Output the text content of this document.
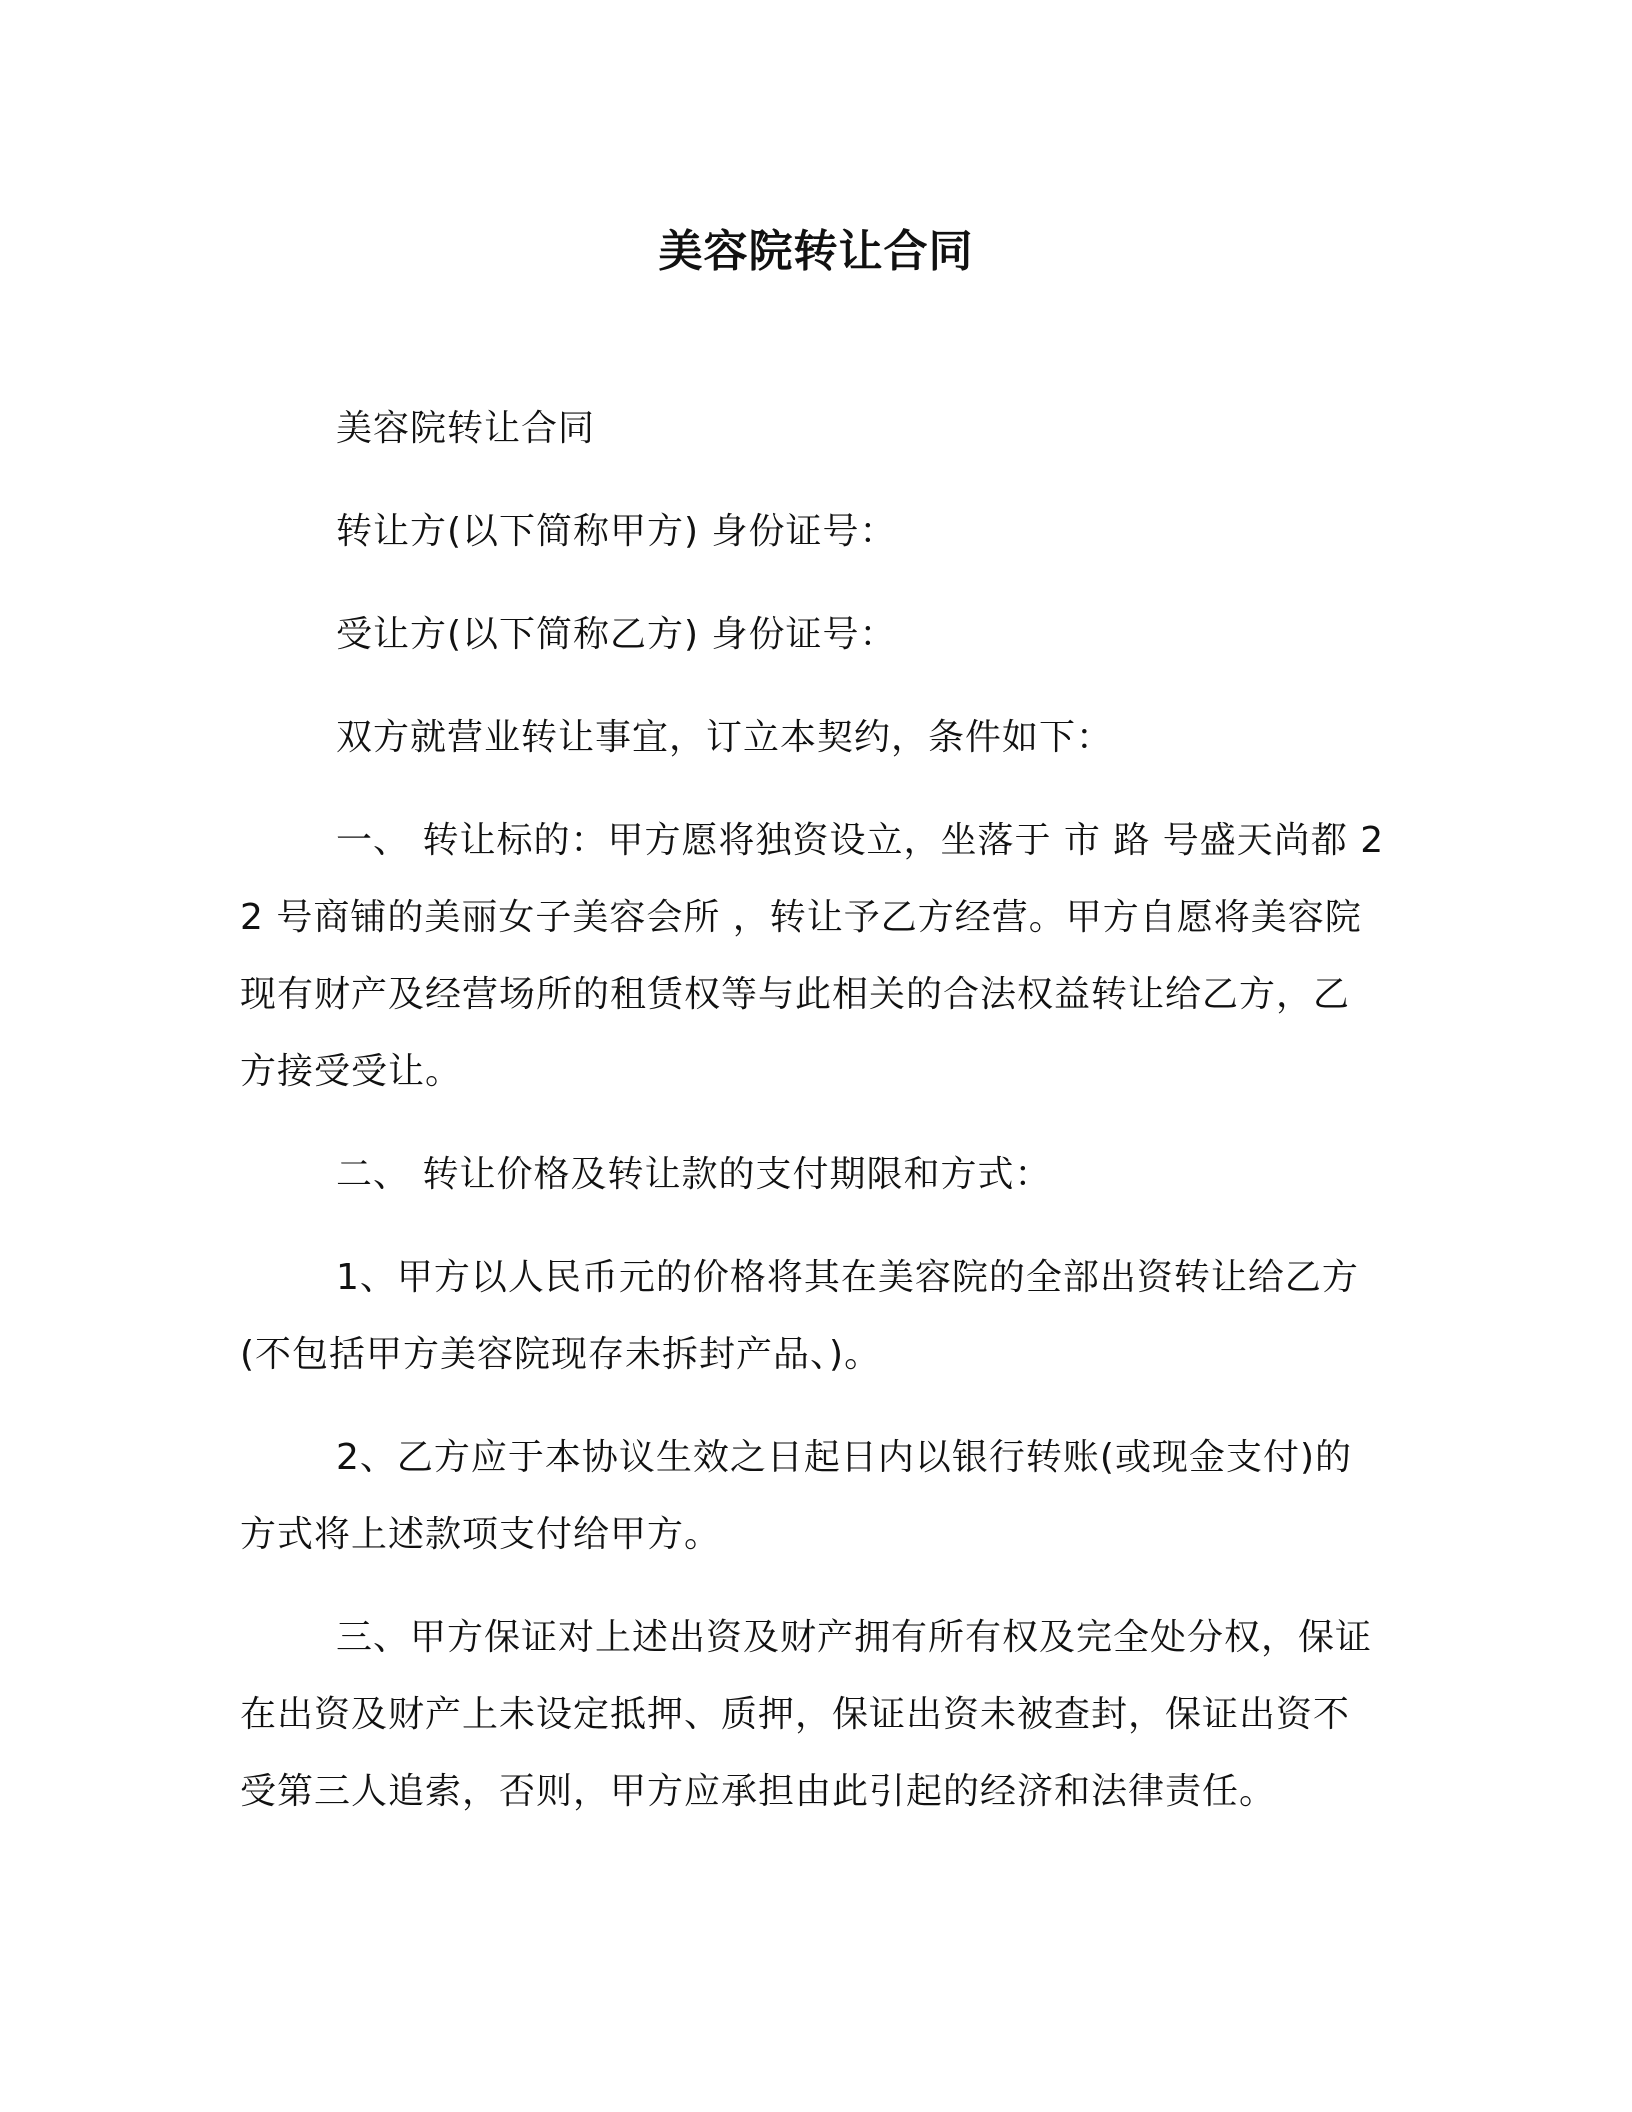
美容院转让合同

美容院转让合同

转让方(以下简称甲方) 身份证号：

受让方(以下简称乙方) 身份证号：

双方就营业转让事宜，订立本契约，条件如下：

一、 转让标的：甲方愿将独资设立，坐落于 市 路 号盛天尚都 22 号商铺的美丽女子美容会所 ，转让予乙方经营。甲方自愿将美容院现有财产及经营场所的租赁权等与此相关的合法权益转让给乙方，乙方接受受让。

二、 转让价格及转让款的支付期限和方式：

1、甲方以人民币元的价格将其在美容院的全部出资转让给乙方(不包括甲方美容院现存未拆封产品、)。

2、乙方应于本协议生效之日起日内以银行转账(或现金支付)的方式将上述款项支付给甲方。

三、甲方保证对上述出资及财产拥有所有权及完全处分权，保证在出资及财产上未设定抵押、质押，保证出资未被查封，保证出资不受第三人追索，否则，甲方应承担由此引起的经济和法律责任。
